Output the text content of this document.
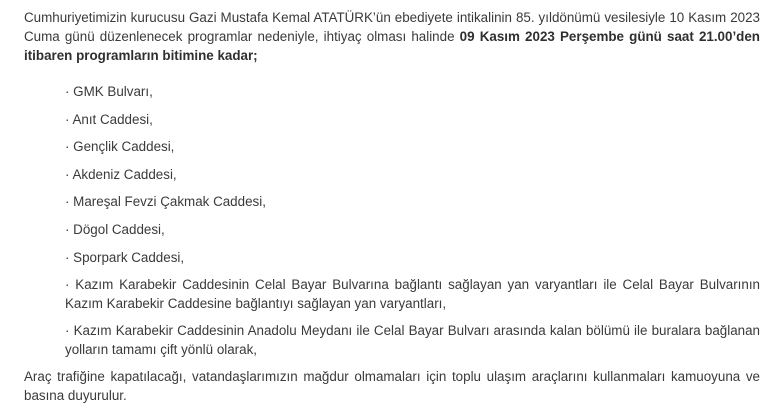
Cumhuriyetimizin kurucusu Gazi Mustafa Kemal ATATÜRK’ün ebediyete intikalinin 85. yıldönümü vesilesiyle 10 Kasım 2023 Cuma günü düzenlenecek programlar nedeniyle, ihtiyaç olması halinde 09 Kasım 2023 Perşembe günü saat 21.00’den itibaren programların bitimine kadar;

· GMK Bulvarı,
· Anıt Caddesi,
· Gençlik Caddesi,
· Akdeniz Caddesi,
· Mareşal Fevzi Çakmak Caddesi,
· Dögol Caddesi,
· Sporpark Caddesi,
· Kazım Karabekir Caddesinin Celal Bayar Bulvarına bağlantı sağlayan yan varyantları ile Celal Bayar Bulvarının Kazım Karabekir Caddesine bağlantıyı sağlayan yan varyantları,
· Kazım Karabekir Caddesinin Anadolu Meydanı ile Celal Bayar Bulvarı arasında kalan bölümü ile buralara bağlanan yolların tamamı çift yönlü olarak,

Araç trafiğine kapatılacağı, vatandaşlarımızın mağdur olmamaları için toplu ulaşım araçlarını kullanmaları kamuoyuna ve basına duyurulur.
